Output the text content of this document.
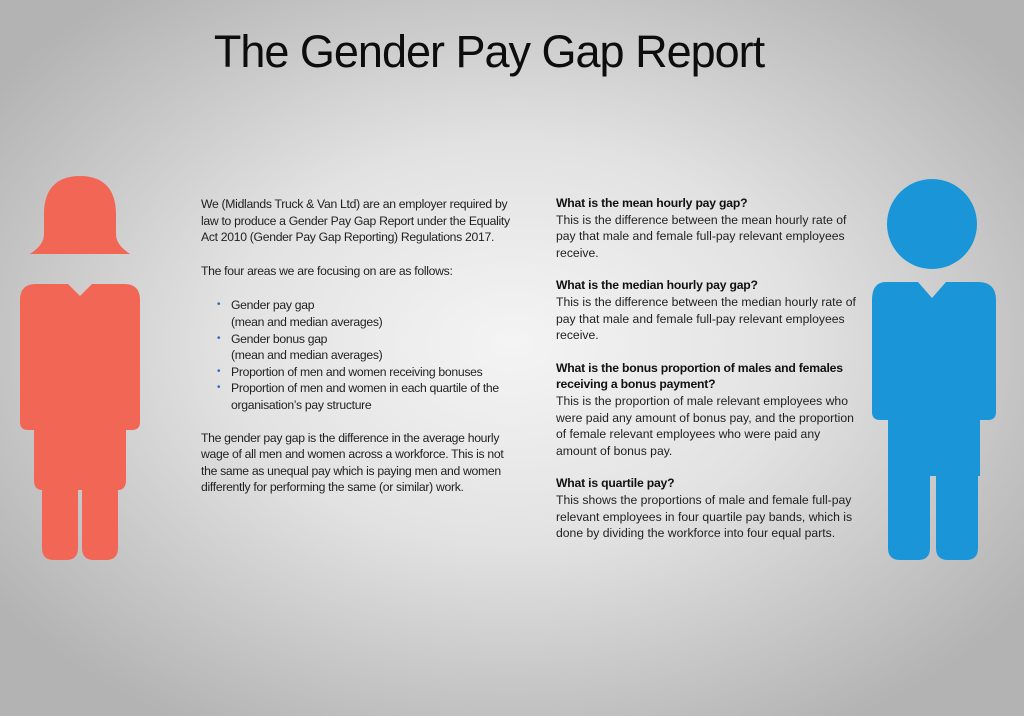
The Gender Pay Gap Report

We (Midlands Truck & Van Ltd) are an employer required by law to produce a Gender Pay Gap Report under the Equality Act 2010 (Gender Pay Gap Reporting) Regulations 2017.

The four areas we are focusing on are as follows:

• Gender pay gap
(mean and median averages)
• Gender bonus gap
(mean and median averages)
• Proportion of men and women receiving bonuses
• Proportion of men and women in each quartile of the organisation’s pay structure

The gender pay gap is the difference in the average hourly wage of all men and women across a workforce. This is not the same as unequal pay which is paying men and women differently for performing the same (or similar) work.

What is the mean hourly pay gap?
This is the difference between the mean hourly rate of pay that male and female full-pay relevant employees receive.
What is the median hourly pay gap?
This is the difference between the median hourly rate of pay that male and female full-pay relevant employees receive.
What is the bonus proportion of males and females receiving a bonus payment?
This is the proportion of male relevant employees who were paid any amount of bonus pay, and the proportion of female relevant employees who were paid any amount of bonus pay.
What is quartile pay?
This shows the proportions of male and female full-pay relevant employees in four quartile pay bands, which is done by dividing the workforce into four equal parts.
